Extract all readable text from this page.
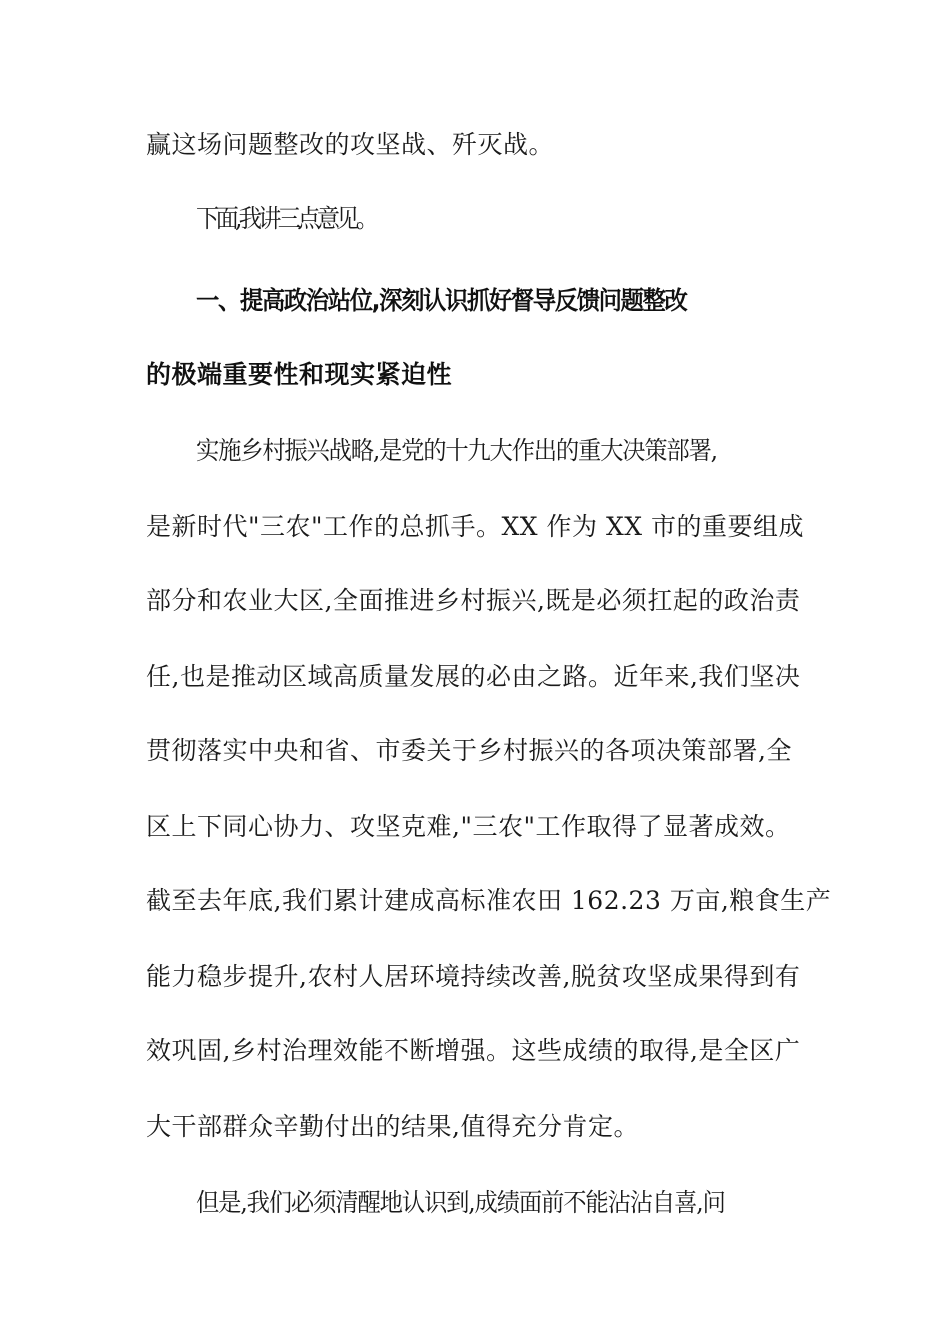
赢这场问题整改的攻坚战、歼灭战。
下面,我讲三点意见。
一、提高政治站位,深刻认识抓好督导反馈问题整改
的极端重要性和现实紧迫性
实施乡村振兴战略,是党的十九大作出的重大决策部署,
是新时代"三农"工作的总抓手。XX 作为 XX 市的重要组成
部分和农业大区,全面推进乡村振兴,既是必须扛起的政治责
任,也是推动区域高质量发展的必由之路。近年来,我们坚决
贯彻落实中央和省、市委关于乡村振兴的各项决策部署,全
区上下同心协力、攻坚克难,"三农"工作取得了显著成效。
截至去年底,我们累计建成高标准农田 162.23 万亩,粮食生产
能力稳步提升,农村人居环境持续改善,脱贫攻坚成果得到有
效巩固,乡村治理效能不断增强。这些成绩的取得,是全区广
大干部群众辛勤付出的结果,值得充分肯定。
但是,我们必须清醒地认识到,成绩面前不能沾沾自喜,问
